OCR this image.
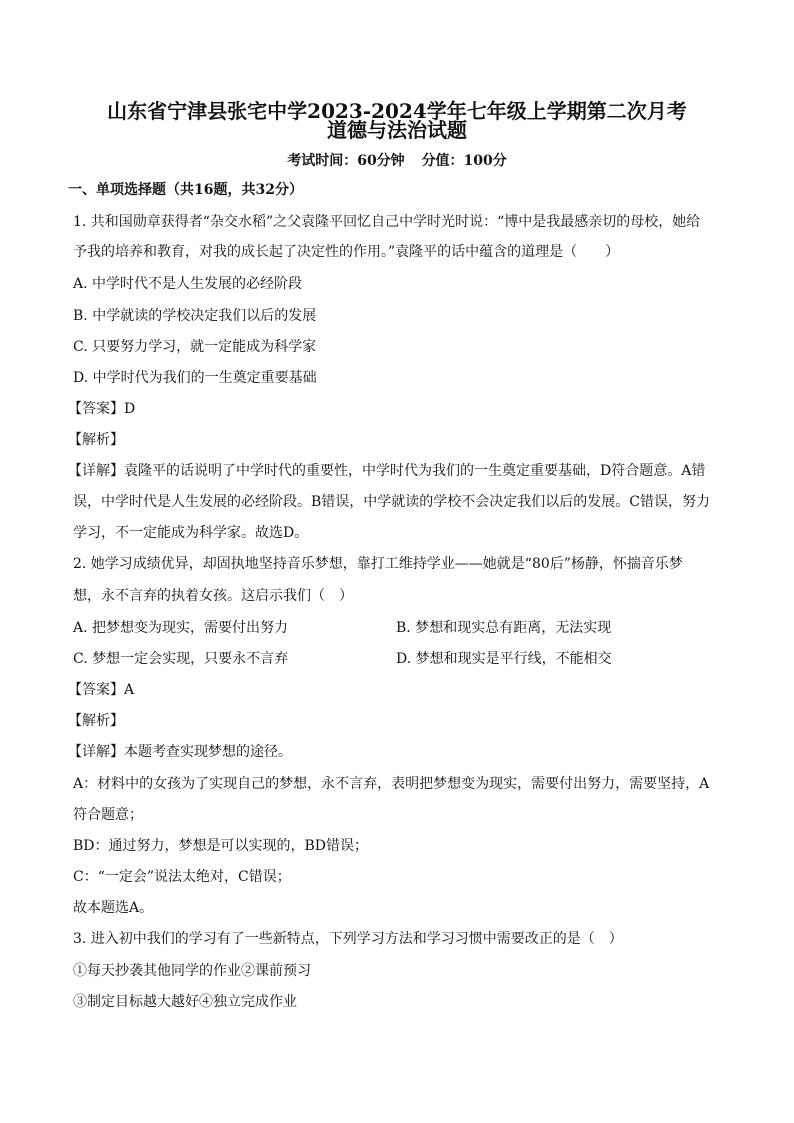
山东省宁津县张宅中学2023-2024学年七年级上学期第二次月考
道德与法治试题
考试时间：60分钟 分值：100分
一、单项选择题（共16题，共32分）
1. 共和国勋章获得者“杂交水稻”之父袁隆平回忆自己中学时光时说：“博中是我最感亲切的母校，她给
予我的培养和教育，对我的成长起了决定性的作用。”袁隆平的话中蕴含的道理是（　　）
A. 中学时代不是人生发展的必经阶段
B. 中学就读的学校决定我们以后的发展
C. 只要努力学习，就一定能成为科学家
D. 中学时代为我们的一生奠定重要基础
【答案】D
【解析】
【详解】袁隆平的话说明了中学时代的重要性，中学时代为我们的一生奠定重要基础，D符合题意。A错
误，中学时代是人生发展的必经阶段。B错误，中学就读的学校不会决定我们以后的发展。C错误，努力
学习，不一定能成为科学家。故选D。
2. 她学习成绩优异，却固执地坚持音乐梦想，靠打工维持学业——她就是“80后”杨静，怀揣音乐梦
想，永不言弃的执着女孩。这启示我们（　）
A. 把梦想变为现实，需要付出努力	B. 梦想和现实总有距离，无法实现
C. 梦想一定会实现，只要永不言弃	D. 梦想和现实是平行线，不能相交
【答案】A
【解析】
【详解】本题考查实现梦想的途径。
A：材料中的女孩为了实现自己的梦想，永不言弃，表明把梦想变为现实，需要付出努力，需要坚持，A
符合题意；
BD：通过努力，梦想是可以实现的，BD错误；
C：“一定会”说法太绝对，C错误；
故本题选A。
3. 进入初中我们的学习有了一些新特点，下列学习方法和学习习惯中需要改正的是（　）
①每天抄袭其他同学的作业②课前预习
③制定目标越大越好④独立完成作业
